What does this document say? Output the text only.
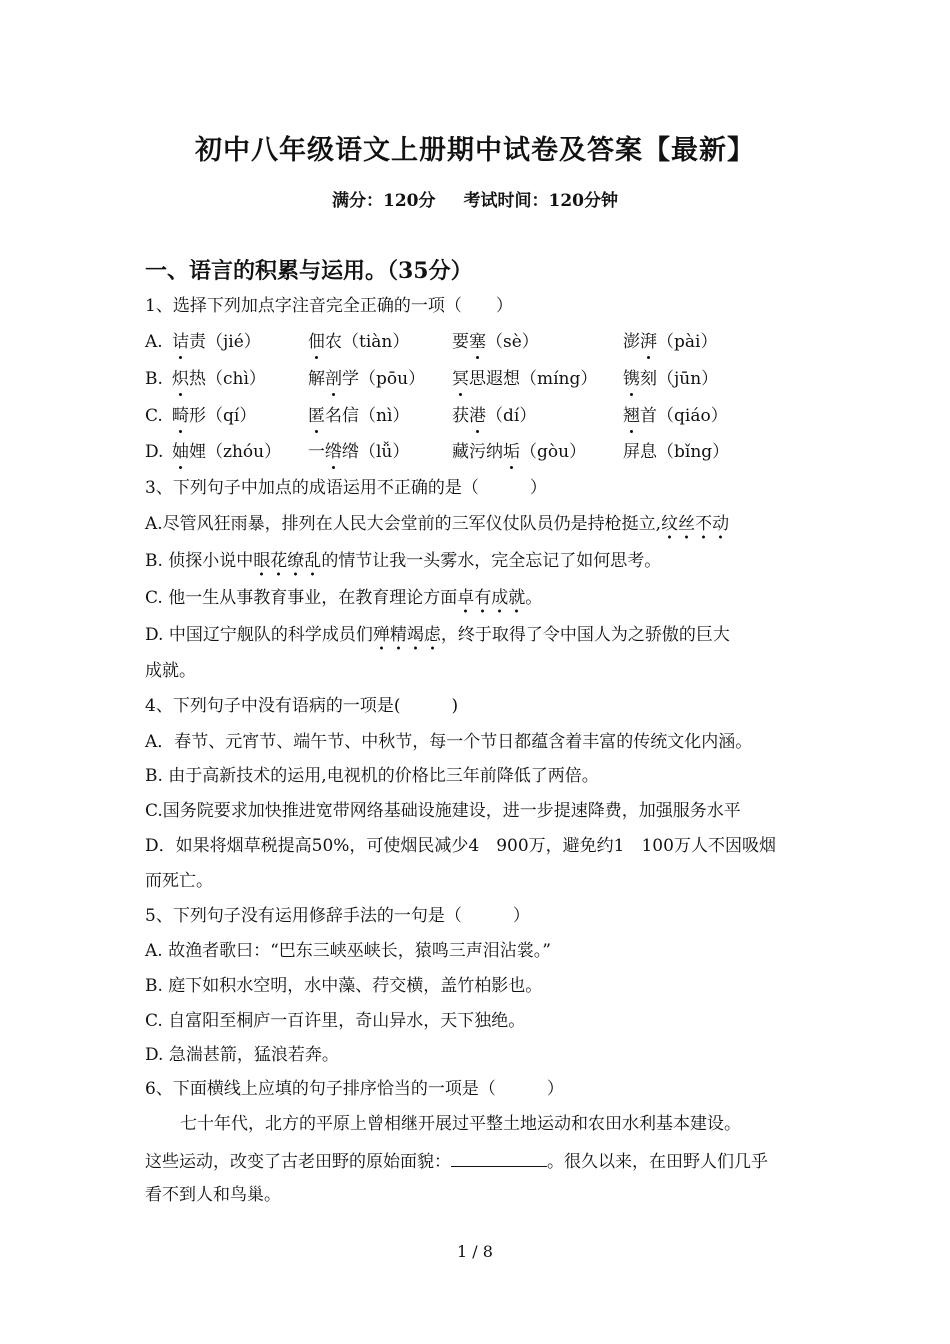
初中八年级语文上册期中试卷及答案【最新】
满分：120分 考试时间：120分钟
一、语言的积累与运用。（35分）
1、选择下列加点字注音完全正确的一项（　　）
A. 诘责（jié）	佃农（tiàn）	要塞（sè）	澎湃（pài）
B. 炽热（chì） 解剖学（pōu） 冥思遐想（míng） 镌刻（jūn）
C. 畸形（qí）	匿名信（nì）	获港（dí）	翘首（qiáo）
D. 妯娌（zhóu） 一绺绺（lǚ）	藏污纳垢（gòu） 屏息（bǐng）
3、下列句子中加点的成语运用不正确的是（　　　）
A.尽管风狂雨暴，排列在人民大会堂前的三军仪仗队员仍是持枪挺立,纹丝不动
B. 侦探小说中眼花缭乱的情节让我一头雾水，完全忘记了如何思考。
C. 他一生从事教育事业，在教育理论方面卓有成就。
D. 中国辽宁舰队的科学成员们殚精竭虑，终于取得了令中国人为之骄傲的巨大
成就。
4、下列句子中没有语病的一项是(　　　)
A．春节、元宵节、端午节、中秋节，每一个节日都蕴含着丰富的传统文化内涵。
B. 由于高新技术的运用,电视机的价格比三年前降低了两倍。
C.国务院要求加快推进宽带网络基础设施建设，进一步提速降费，加强服务水平
D．如果将烟草税提高50%，可使烟民减少4　900万，避免约1　100万人不因吸烟
而死亡。
5、下列句子没有运用修辞手法的一句是（　　　）
A. 故渔者歌曰：“巴东三峡巫峡长，猿鸣三声泪沾裳。”
B. 庭下如积水空明，水中藻、荇交横，盖竹柏影也。
C. 自富阳至桐庐一百许里，奇山异水，天下独绝。
D. 急湍甚箭，猛浪若奔。
6、下面横线上应填的句子排序恰当的一项是（　　　）
七十年代，北方的平原上曾相继开展过平整土地运动和农田水利基本建设。
这些运动，改变了古老田野的原始面貌：	。很久以来，在田野人们几乎
看不到人和鸟巢。
1 / 8
